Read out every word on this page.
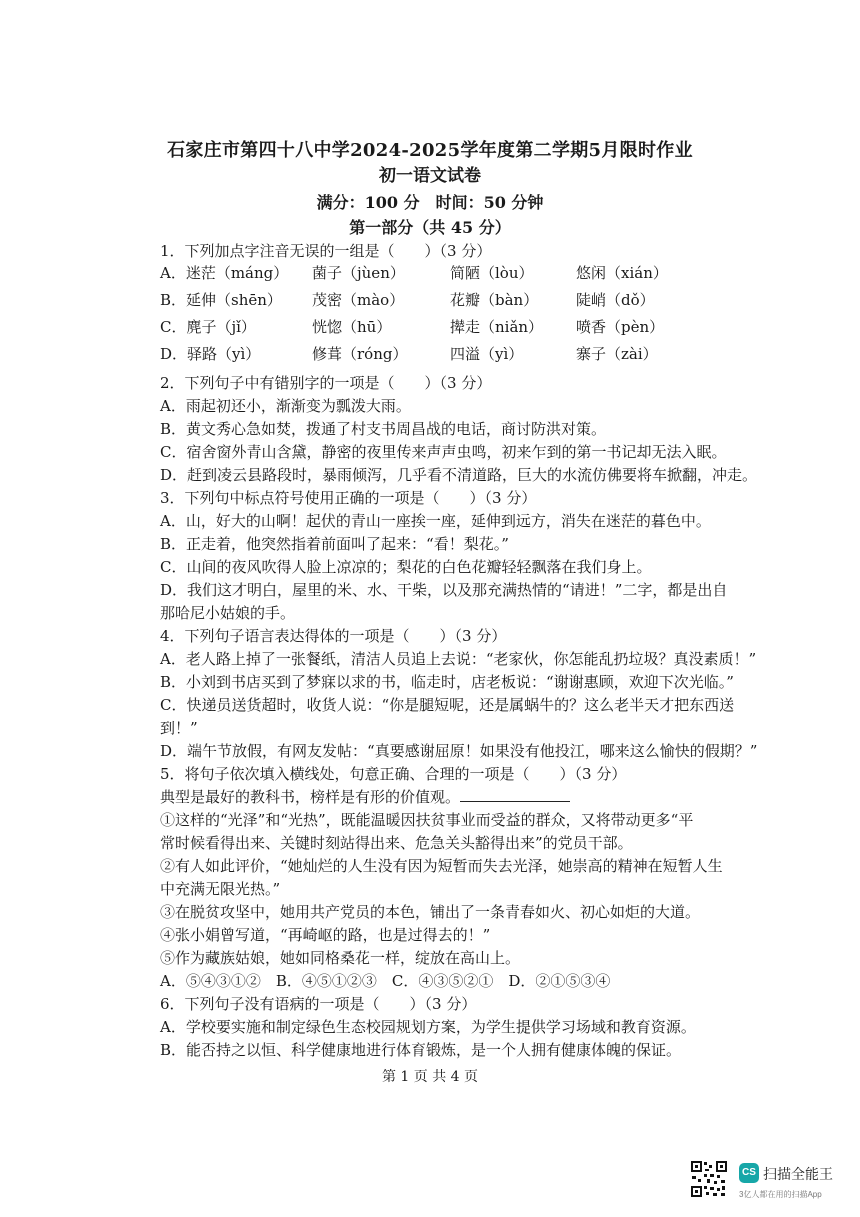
石家庄市第四十八中学2024-2025学年度第二学期5月限时作业
初一语文试卷
满分：100 分　时间：50 分钟
第一部分（共 45 分）
1．下列加点字注音无误的一组是（　　）（3 分）
A．迷茫（máng） 菌子（jùen）	简陋（lòu）	悠闲（xián）
B．延伸（shēn） 茂密（mào）	花瓣（bàn）	陡峭（dǒ）
C．麂子（jǐ）	恍惚（hū）	撵走（niǎn） 喷香（pèn）
D．驿路（yì）	修葺（róng）	四溢（yì）	寨子（zài）
2．下列句子中有错别字的一项是（　　）（3 分）
A．雨起初还小，渐渐变为瓢泼大雨。
B．黄文秀心急如焚，拨通了村支书周昌战的电话，商讨防洪对策。
C．宿舍窗外青山含黛，静密的夜里传来声声虫鸣，初来乍到的第一书记却无法入眠。
D．赶到凌云县路段时，暴雨倾泻，几乎看不清道路，巨大的水流仿佛要将车掀翻，冲走。
3．下列句中标点符号使用正确的一项是（　　）（3 分）
A．山，好大的山啊！起伏的青山一座挨一座，延伸到远方，消失在迷茫的暮色中。
B．正走着，他突然指着前面叫了起来：“看！梨花。”
C．山间的夜风吹得人脸上凉凉的；梨花的白色花瓣轻轻飘落在我们身上。
D．我们这才明白，屋里的米、水、干柴，以及那充满热情的“请进！”二字，都是出自
那哈尼小姑娘的手。
4．下列句子语言表达得体的一项是（　　）（3 分）
A．老人路上掉了一张餐纸，清洁人员追上去说：“老家伙，你怎能乱扔垃圾？真没素质！”
B．小刘到书店买到了梦寐以求的书，临走时，店老板说：“谢谢惠顾，欢迎下次光临。”
C．快递员送货超时，收货人说：“你是腿短呢，还是属蜗牛的？这么老半天才把东西送
到！”
D．端午节放假，有网友发帖：“真要感谢屈原！如果没有他投江，哪来这么愉快的假期？”
5．将句子依次填入横线处，句意正确、合理的一项是（　　）（3 分）
典型是最好的教科书，榜样是有形的价值观。
①这样的“光泽”和“光热”，既能温暖因扶贫事业而受益的群众，又将带动更多“平
常时候看得出来、关键时刻站得出来、危急关头豁得出来”的党员干部。
②有人如此评价，“她灿烂的人生没有因为短暂而失去光泽，她崇高的精神在短暂人生
中充满无限光热。”
③在脱贫攻坚中，她用共产党员的本色，铺出了一条青春如火、初心如炬的大道。
④张小娟曾写道，“再崎岖的路，也是过得去的！”
⑤作为藏族姑娘，她如同格桑花一样，绽放在高山上。
A．⑤④③①②　B．④⑤①②③　C．④③⑤②①　D．②①⑤③④
6．下列句子没有语病的一项是（　　）（3 分）
A．学校要实施和制定绿色生态校园规划方案，为学生提供学习场域和教育资源。
B．能否持之以恒、科学健康地进行体育锻炼，是一个人拥有健康体魄的保证。
第 1 页 共 4 页
CS 扫描全能王
3亿人都在用的扫描App
